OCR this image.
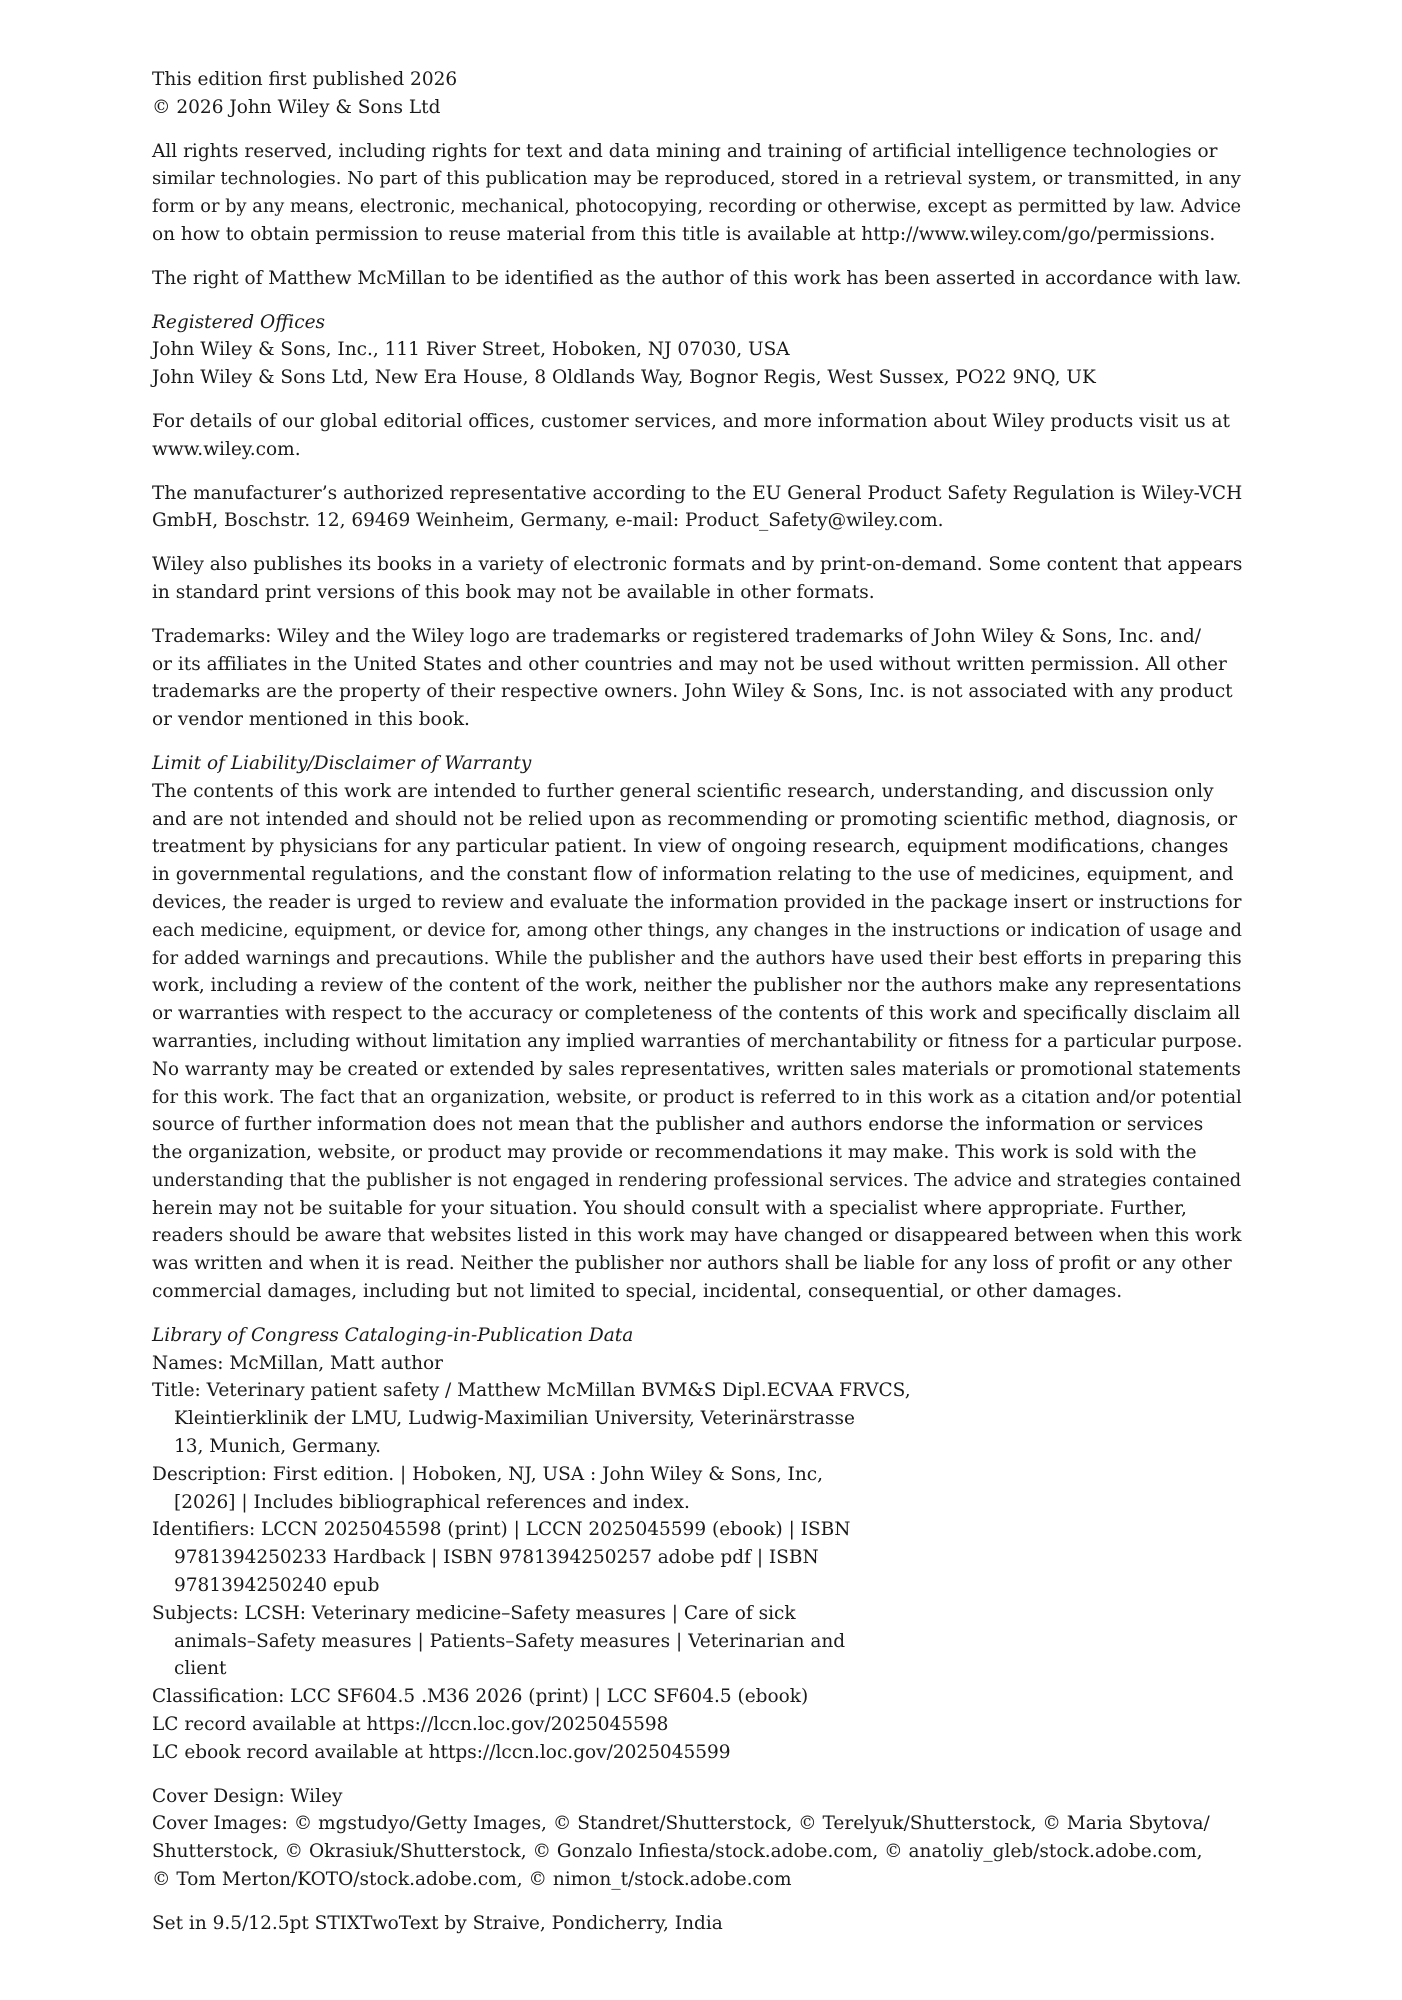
This edition first published 2026
© 2026 John Wiley & Sons Ltd
All rights reserved, including rights for text and data mining and training of artificial intelligence technologies or
similar technologies. No part of this publication may be reproduced, stored in a retrieval system, or transmitted, in any
form or by any means, electronic, mechanical, photocopying, recording or otherwise, except as permitted by law. Advice
on how to obtain permission to reuse material from this title is available at http://www.wiley.com/go/permissions.
The right of Matthew McMillan to be identified as the author of this work has been asserted in accordance with law.
Registered Offices
John Wiley & Sons, Inc., 111 River Street, Hoboken, NJ 07030, USA
John Wiley & Sons Ltd, New Era House, 8 Oldlands Way, Bognor Regis, West Sussex, PO22 9NQ, UK
For details of our global editorial offices, customer services, and more information about Wiley products visit us at
www.wiley.com.
The manufacturer’s authorized representative according to the EU General Product Safety Regulation is Wiley-VCH
GmbH, Boschstr. 12, 69469 Weinheim, Germany, e-mail: Product_Safety@wiley.com.
Wiley also publishes its books in a variety of electronic formats and by print-on-demand. Some content that appears
in standard print versions of this book may not be available in other formats.
Trademarks: Wiley and the Wiley logo are trademarks or registered trademarks of John Wiley & Sons, Inc. and/
or its affiliates in the United States and other countries and may not be used without written permission. All other
trademarks are the property of their respective owners. John Wiley & Sons, Inc. is not associated with any product
or vendor mentioned in this book.
Limit of Liability/Disclaimer of Warranty
The contents of this work are intended to further general scientific research, understanding, and discussion only
and are not intended and should not be relied upon as recommending or promoting scientific method, diagnosis, or
treatment by physicians for any particular patient. In view of ongoing research, equipment modifications, changes
in governmental regulations, and the constant flow of information relating to the use of medicines, equipment, and
devices, the reader is urged to review and evaluate the information provided in the package insert or instructions for
each medicine, equipment, or device for, among other things, any changes in the instructions or indication of usage and
for added warnings and precautions. While the publisher and the authors have used their best efforts in preparing this
work, including a review of the content of the work, neither the publisher nor the authors make any representations
or warranties with respect to the accuracy or completeness of the contents of this work and specifically disclaim all
warranties, including without limitation any implied warranties of merchantability or fitness for a particular purpose.
No warranty may be created or extended by sales representatives, written sales materials or promotional statements
for this work. The fact that an organization, website, or product is referred to in this work as a citation and/or potential
source of further information does not mean that the publisher and authors endorse the information or services
the organization, website, or product may provide or recommendations it may make. This work is sold with the
understanding that the publisher is not engaged in rendering professional services. The advice and strategies contained
herein may not be suitable for your situation. You should consult with a specialist where appropriate. Further,
readers should be aware that websites listed in this work may have changed or disappeared between when this work
was written and when it is read. Neither the publisher nor authors shall be liable for any loss of profit or any other
commercial damages, including but not limited to special, incidental, consequential, or other damages.
Library of Congress Cataloging-in-Publication Data
Names: McMillan, Matt author
Title: Veterinary patient safety / Matthew McMillan BVM&S Dipl.ECVAA FRVCS,
Kleintierklinik der LMU, Ludwig-Maximilian University, Veterinärstrasse
13, Munich, Germany.
Description: First edition. | Hoboken, NJ, USA : John Wiley & Sons, Inc,
[2026] | Includes bibliographical references and index.
Identifiers: LCCN 2025045598 (print) | LCCN 2025045599 (ebook) | ISBN
9781394250233 Hardback | ISBN 9781394250257 adobe pdf | ISBN
9781394250240 epub
Subjects: LCSH: Veterinary medicine–Safety measures | Care of sick
animals–Safety measures | Patients–Safety measures | Veterinarian and
client
Classification: LCC SF604.5 .M36 2026 (print) | LCC SF604.5 (ebook)
LC record available at https://lccn.loc.gov/2025045598
LC ebook record available at https://lccn.loc.gov/2025045599
Cover Design: Wiley
Cover Images: © mgstudyo/Getty Images, © Standret/Shutterstock, © Terelyuk/Shutterstock, © Maria Sbytova/
Shutterstock, © Okrasiuk/Shutterstock, © Gonzalo Infiesta/stock.adobe.com, © anatoliy_gleb/stock.adobe.com,
© Tom Merton/KOTO/stock.adobe.com, © nimon_t/stock.adobe.com
Set in 9.5/12.5pt STIXTwoText by Straive, Pondicherry, India
